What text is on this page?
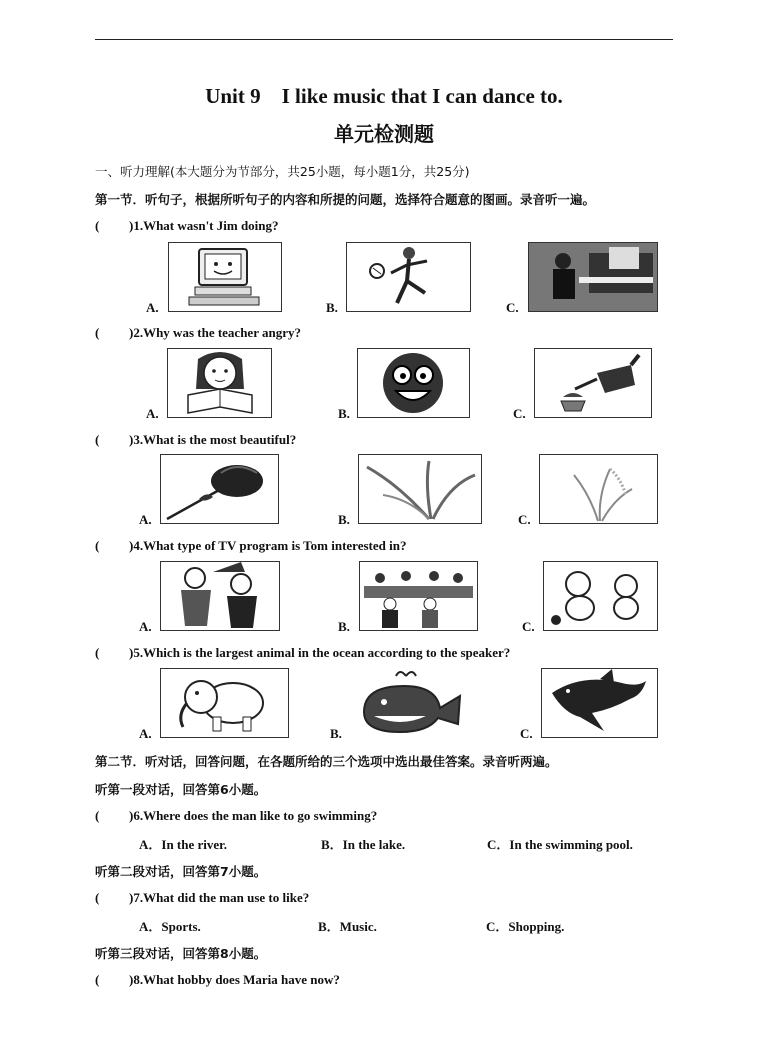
Unit 9　I like music that I can dance to.
单元检测题
一、听力理解(本大题分为节部分，共25小题，每小题1分，共25分)
第一节．听句子，根据所听句子的内容和所提的问题，选择符合题意的图画。录音听一遍。
( )1.What wasn't Jim doing?
A.	B.	C.
( )2.Why was the teacher angry?
A.	B.	C.
( )3.What is the most beautiful?
A.	B.	C.
( )4.What type of TV program is Tom interested in?
A.	B.	C.
( )5.Which is the largest animal in the ocean according to the speaker?
A.	B.	C.
第二节．听对话，回答问题，在各题所给的三个选项中选出最佳答案。录音听两遍。
听第一段对话，回答第6小题。
( )6.Where does the man like to go swimming?
A．In the river.	B．In the lake.	C．In the swimming pool.
听第二段对话，回答第7小题。
( )7.What did the man use to like?
A．Sports.	B．Music.	C．Shopping.
听第三段对话，回答第8小题。
( )8.What hobby does Maria have now?
